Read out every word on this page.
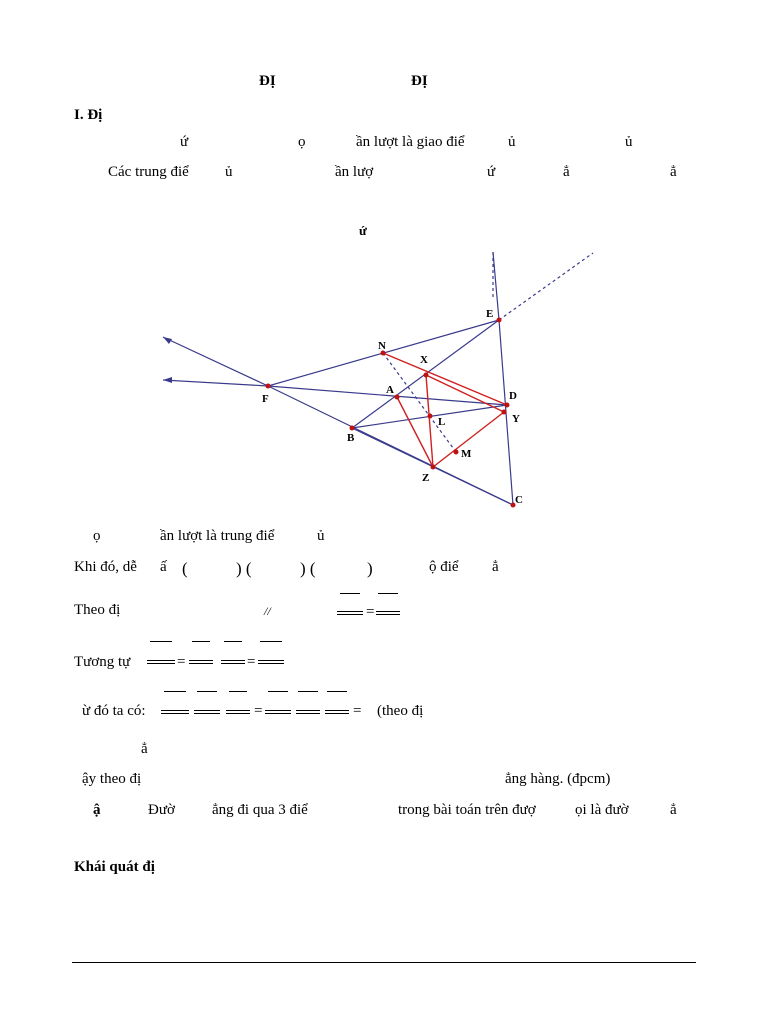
ĐỊ	ĐỊ
I. Đị
ứ	ọ	ần lượt là giao điể	ủ	ủ
Các trung điể ủ	ần lượ	ứ	ẳ	ẳ
ứ
E
N
X
A	D
F
L	Y
B
M
Z
C
ọ	ần lượt là trung điể	ủ
Khi đó, dễ ấ (	) (	) (	)	ộ điể ẳ
Theo đị	//	=
Tương tự	=	=
ừ đó ta có:	=	= (theo đị
ẳ
ậy theo đị	ẳng hàng. (đpcm)
ậ	Đườ ẳng đi qua 3 điể	trong bài toán trên đượ	ọi là đườ	ẳ
Khái quát đị
